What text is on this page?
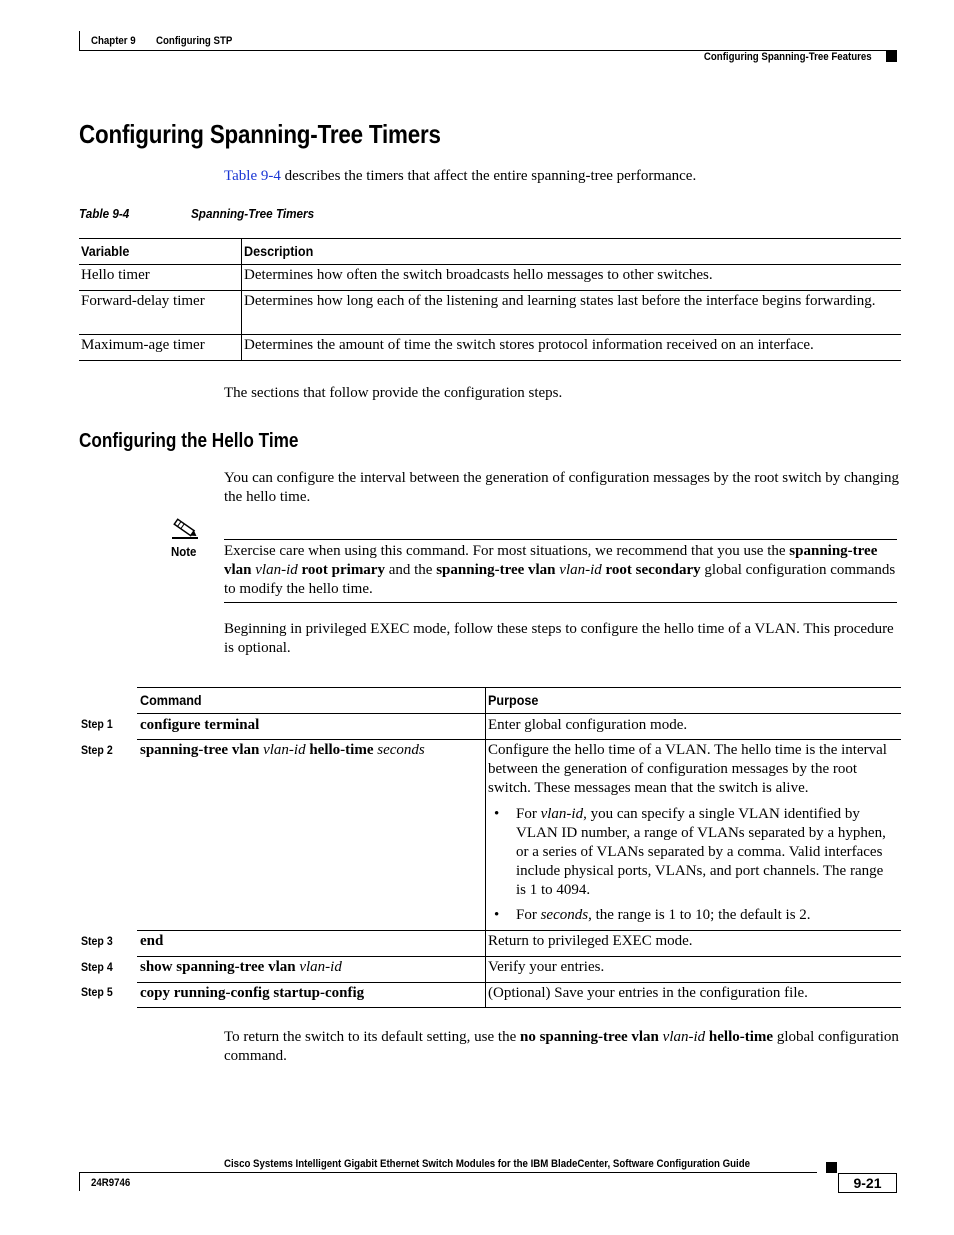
Chapter 9 Configuring STP
Configuring Spanning-Tree Features
Configuring Spanning-Tree Timers
Table 9-4 describes the timers that affect the entire spanning-tree performance.
Table 9-4	Spanning-Tree Timers
Variable	Description
Hello timer	Determines how often the switch broadcasts hello messages to other switches.
Forward-delay timer	Determines how long each of the listening and learning states last before the interface begins forwarding.
Maximum-age timer	Determines the amount of time the switch stores protocol information received on an interface.
The sections that follow provide the configuration steps.
Configuring the Hello Time
You can configure the interval between the generation of configuration messages by the root switch by changing the hello time.
Note Exercise care when using this command. For most situations, we recommend that you use the spanning-tree vlan vlan-id root primary and the spanning-tree vlan vlan-id root secondary global configuration commands to modify the hello time.
Beginning in privileged EXEC mode, follow these steps to configure the hello time of a VLAN. This procedure is optional.
Command	Purpose
Step 1 configure terminal	Enter global configuration mode.
Step 2 spanning-tree vlan vlan-id hello-time seconds	Configure the hello time of a VLAN. The hello time is the interval between the generation of configuration messages by the root switch. These messages mean that the switch is alive.
• For vlan-id, you can specify a single VLAN identified by VLAN ID number, a range of VLANs separated by a hyphen, or a series of VLANs separated by a comma. Valid interfaces include physical ports, VLANs, and port channels. The range is 1 to 4094.
• For seconds, the range is 1 to 10; the default is 2.
Step 3 end	Return to privileged EXEC mode.
Step 4 show spanning-tree vlan vlan-id	Verify your entries.
Step 5 copy running-config startup-config	(Optional) Save your entries in the configuration file.
To return the switch to its default setting, use the no spanning-tree vlan vlan-id hello-time global configuration command.
Cisco Systems Intelligent Gigabit Ethernet Switch Modules for the IBM BladeCenter, Software Configuration Guide
24R9746	9-21
